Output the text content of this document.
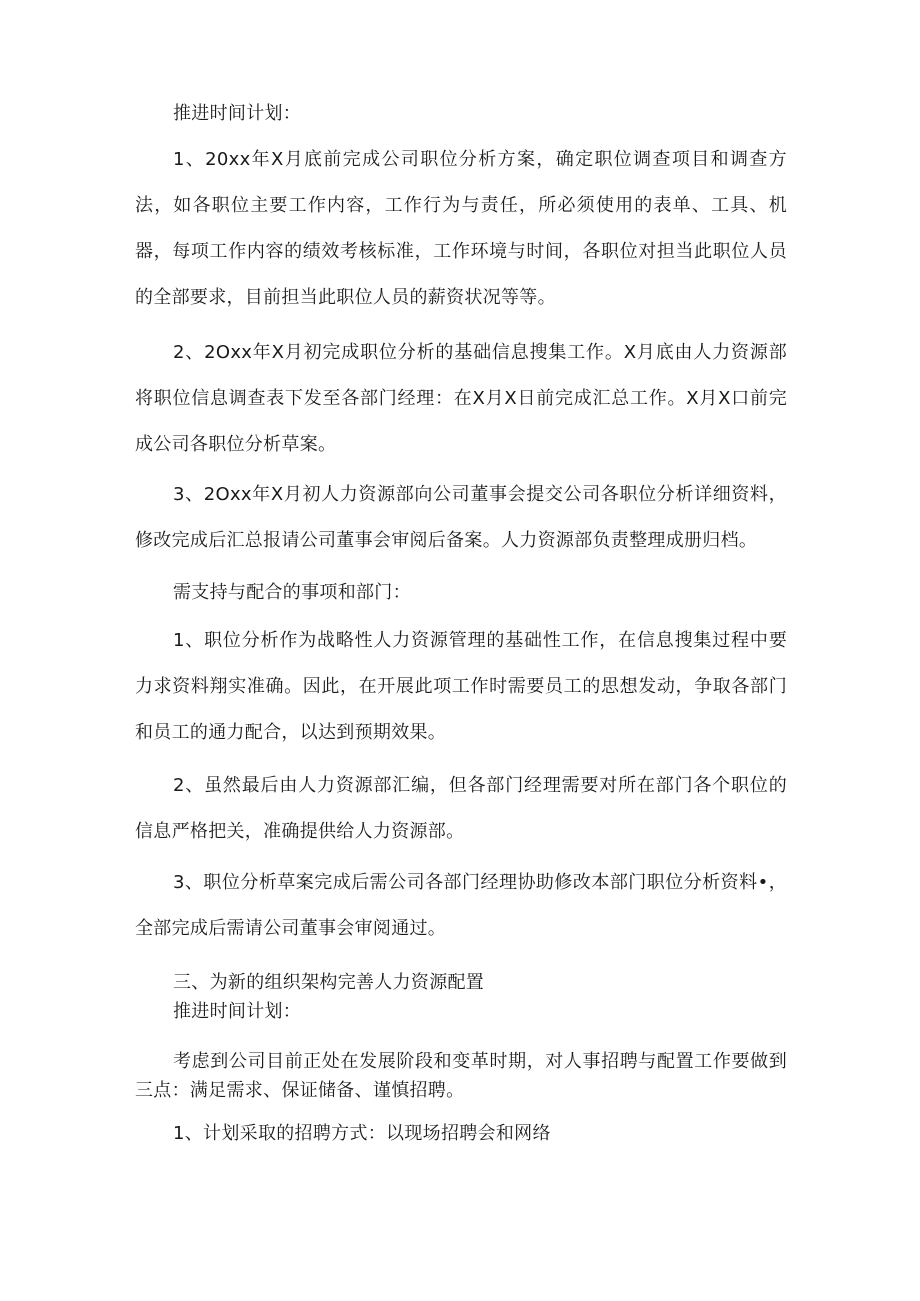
推进时间计划：

1、20xx年X月底前完成公司职位分析方案，确定职位调查项目和调查方法，如各职位主要工作内容，工作行为与责任，所必须使用的表单、工具、机器，每项工作内容的绩效考核标准，工作环境与时间，各职位对担当此职位人员的全部要求，目前担当此职位人员的薪资状况等等。

2、2Oxx年X月初完成职位分析的基础信息搜集工作。X月底由人力资源部将职位信息调查表下发至各部门经理：在X月X日前完成汇总工作。X月X口前完成公司各职位分析草案。

3、2Oxx年X月初人力资源部向公司董事会提交公司各职位分析详细资料，修改完成后汇总报请公司董事会审阅后备案。人力资源部负责整理成册归档。

需支持与配合的事项和部门：

1、职位分析作为战略性人力资源管理的基础性工作，在信息搜集过程中要力求资料翔实准确。因此，在开展此项工作时需要员工的思想发动，争取各部门和员工的通力配合，以达到预期效果。

2、虽然最后由人力资源部汇编，但各部门经理需要对所在部门各个职位的信息严格把关，准确提供给人力资源部。

3、职位分析草案完成后需公司各部门经理协助修改本部门职位分析资料•，全部完成后需请公司董事会审阅通过。

三、为新的组织架构完善人力资源配置

推进时间计划：

考虑到公司目前正处在发展阶段和变革时期，对人事招聘与配置工作要做到三点：满足需求、保证储备、谨慎招聘。

1、计划采取的招聘方式：以现场招聘会和网络
